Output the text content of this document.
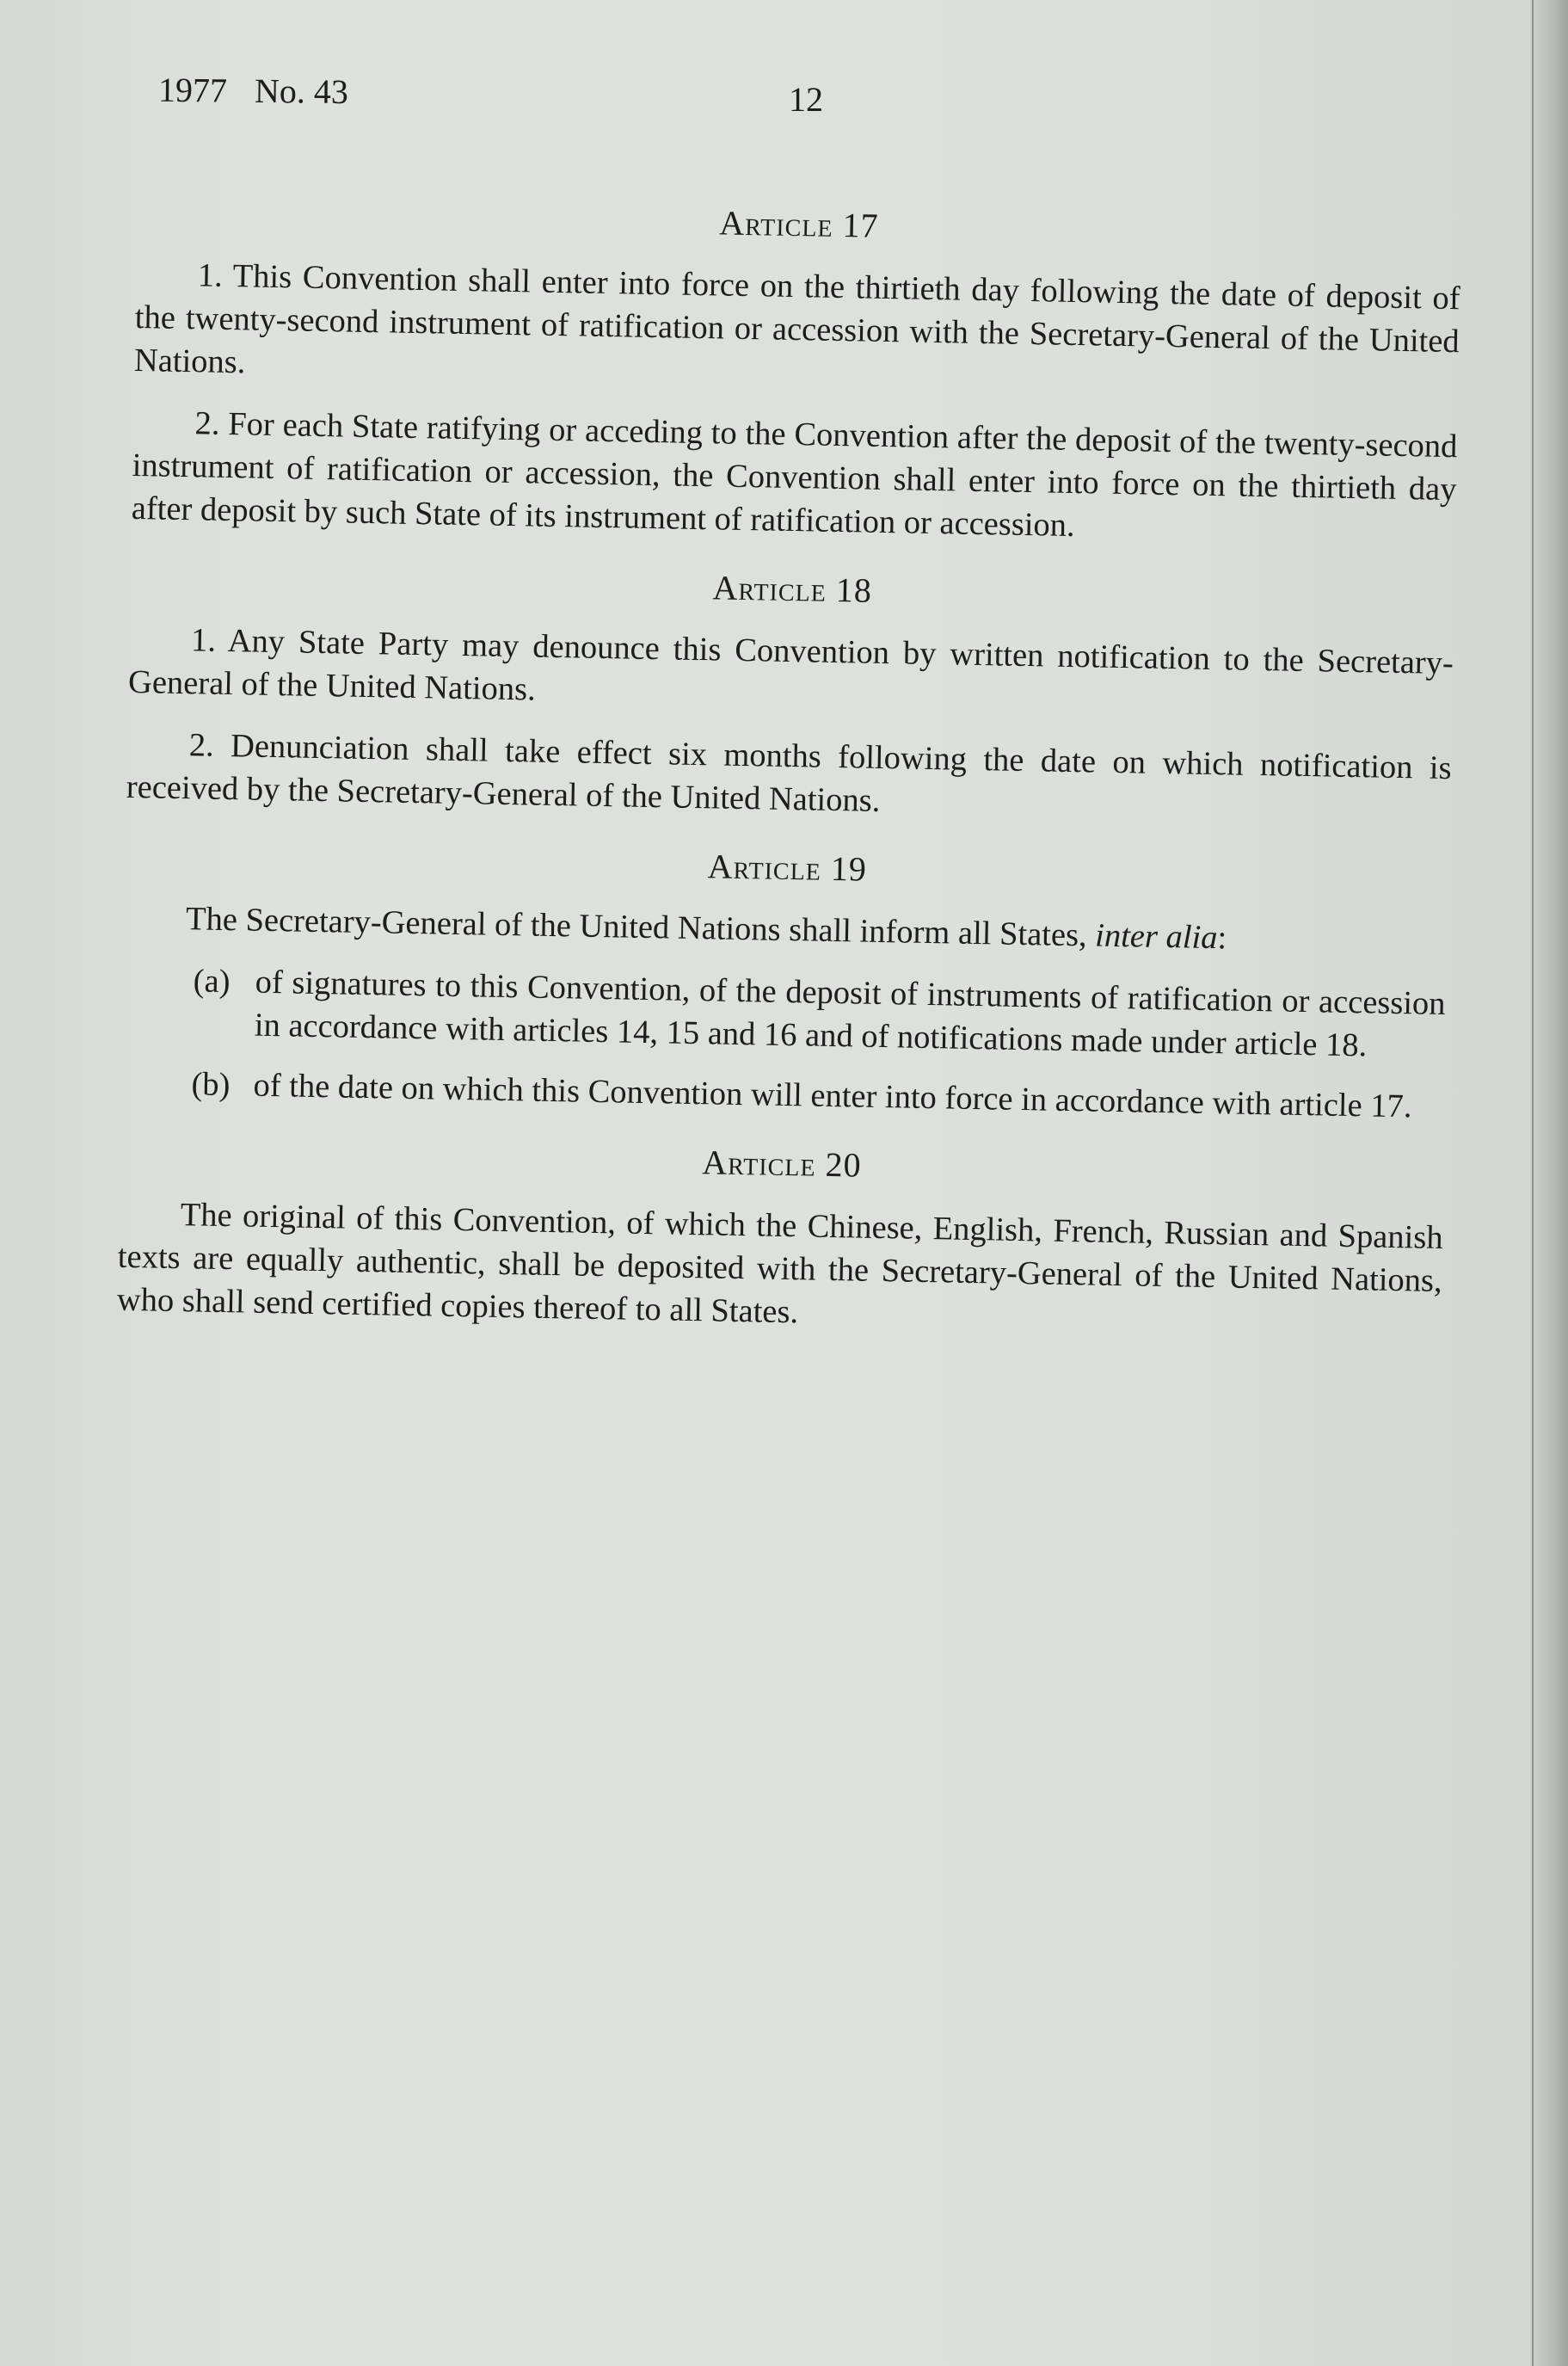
1977 No. 43	12
Article 17

1. This Convention shall enter into force on the thirtieth day following the date of deposit of the twenty-second instrument of ratification or accession with the Secretary-General of the United Nations.

2. For each State ratifying or acceding to the Convention after the deposit of the twenty-second instrument of ratification or accession, the Convention shall enter into force on the thirtieth day after deposit by such State of its instrument of ratification or accession.

Article 18

1. Any State Party may denounce this Convention by written notification to the Secretary-General of the United Nations.

2. Denunciation shall take effect six months following the date on which notification is received by the Secretary-General of the United Nations.

Article 19

The Secretary-General of the United Nations shall inform all States, inter alia:

(a) of signatures to this Convention, of the deposit of instruments of ratification or accession in accordance with articles 14, 15 and 16 and of notifications made under article 18.
(b) of the date on which this Convention will enter into force in accordance with article 17.
Article 20

The original of this Convention, of which the Chinese, English, French, Russian and Spanish texts are equally authentic, shall be deposited with the Secretary-General of the United Nations, who shall send certified copies thereof to all States.
